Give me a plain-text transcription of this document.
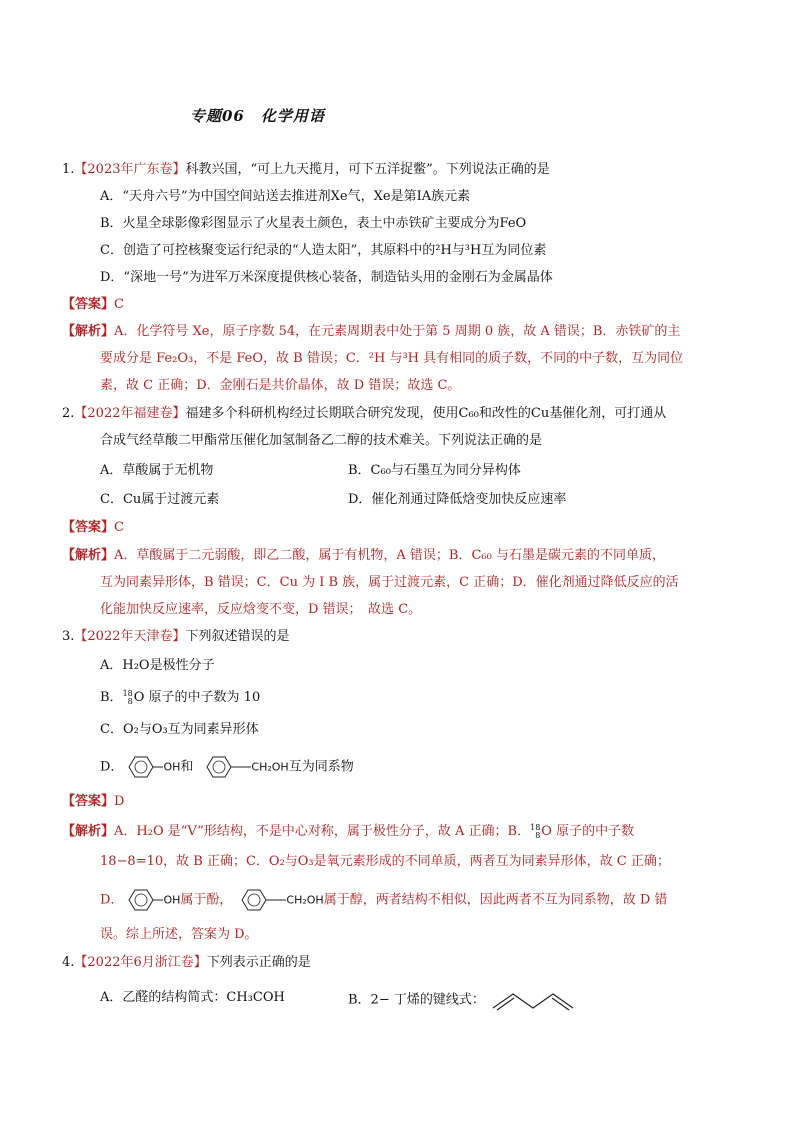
专题06　化学用语
1.【2023年广东卷】科教兴国，“可上九天揽月，可下五洋捉鳖”。下列说法正确的是
A．“天舟六号”为中国空间站送去推进剂Xe气，Xe是第IA族元素
B．火星全球影像彩图显示了火星表土颜色，表土中赤铁矿主要成分为FeO
C．创造了可控核聚变运行纪录的“人造太阳”，其原料中的²H与³H互为同位素
D．“深地一号”为进军万米深度提供核心装备，制造钻头用的金刚石为金属晶体
【答案】C
【解析】A．化学符号 Xe，原子序数 54，在元素周期表中处于第 5 周期 0 族，故 A 错误；B．赤铁矿的主
要成分是 Fe₂O₃，不是 FeO，故 B 错误；C．²H 与³H 具有相同的质子数，不同的中子数，互为同位
素，故 C 正确；D．金刚石是共价晶体，故 D 错误；故选 C。
2.【2022年福建卷】福建多个科研机构经过长期联合研究发现，使用C₆₀和改性的Cu基催化剂，可打通从
合成气经草酸二甲酯常压催化加氢制备乙二醇的技术难关。下列说法正确的是
A．草酸属于无机物	B．C₆₀与石墨互为同分异构体
C．Cu属于过渡元素	D．催化剂通过降低焓变加快反应速率
【答案】C
【解析】A．草酸属于二元弱酸，即乙二酸，属于有机物，A 错误；B．C₆₀ 与石墨是碳元素的不同单质，
互为同素异形体，B 错误；C．Cu 为 I B 族，属于过渡元素，C 正确；D．催化剂通过降低反应的活
化能加快反应速率，反应焓变不变，D 错误；　故选 C。
3.【2022年天津卷】下列叙述错误的是
A．H₂O是极性分子
B． 18
8 O 原子的中子数为 10
C．O₂与O₃互为同素异形体
D．	OH和	CH₂OH互为同系物
【答案】D
【解析】A．H₂O 是“V”形结构，不是中心对称，属于极性分子，故 A 正确；B． 18
8 O 原子的中子数
18−8=10，故 B 正确；C．O₂与O₃是氧元素形成的不同单质，两者互为同素异形体，故 C 正确；
D．	OH属于酚，	CH₂OH属于醇，两者结构不相似，因此两者不互为同系物，故 D 错
误。综上所述，答案为 D。
4.【2022年6月浙江卷】下列表示正确的是
A．乙醛的结构简式：CH₃COH	B．2− 丁烯的键线式：
